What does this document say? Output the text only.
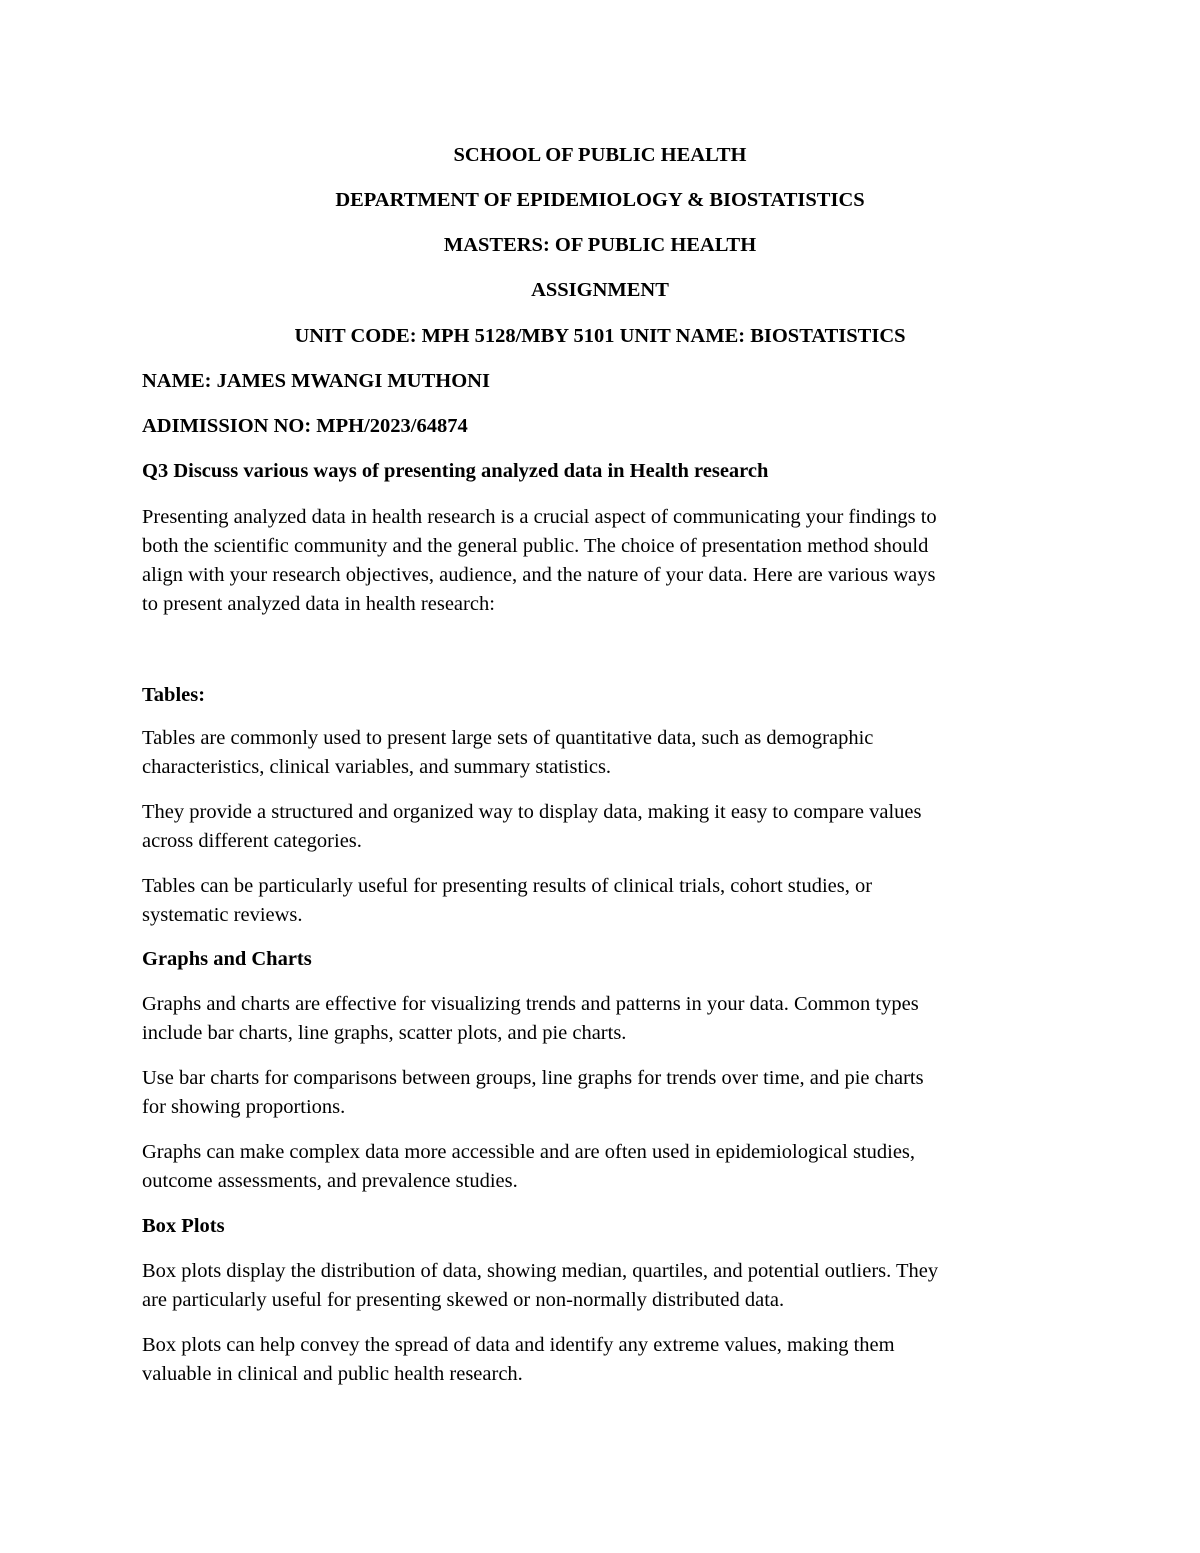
SCHOOL OF PUBLIC HEALTH

DEPARTMENT OF EPIDEMIOLOGY & BIOSTATISTICS

MASTERS: OF PUBLIC HEALTH

ASSIGNMENT

UNIT CODE: MPH 5128/MBY 5101 UNIT NAME: BIOSTATISTICS

NAME: JAMES MWANGI MUTHONI

ADIMISSION NO: MPH/2023/64874

Q3 Discuss various ways of presenting analyzed data in Health research

Presenting analyzed data in health research is a crucial aspect of communicating your findings to

both the scientific community and the general public. The choice of presentation method should

align with your research objectives, audience, and the nature of your data. Here are various ways

to present analyzed data in health research:

Tables:

Tables are commonly used to present large sets of quantitative data, such as demographic

characteristics, clinical variables, and summary statistics.

They provide a structured and organized way to display data, making it easy to compare values

across different categories.

Tables can be particularly useful for presenting results of clinical trials, cohort studies, or

systematic reviews.

Graphs and Charts

Graphs and charts are effective for visualizing trends and patterns in your data. Common types

include bar charts, line graphs, scatter plots, and pie charts.

Use bar charts for comparisons between groups, line graphs for trends over time, and pie charts

for showing proportions.

Graphs can make complex data more accessible and are often used in epidemiological studies,

outcome assessments, and prevalence studies.

Box Plots

Box plots display the distribution of data, showing median, quartiles, and potential outliers. They

are particularly useful for presenting skewed or non-normally distributed data.

Box plots can help convey the spread of data and identify any extreme values, making them

valuable in clinical and public health research.
